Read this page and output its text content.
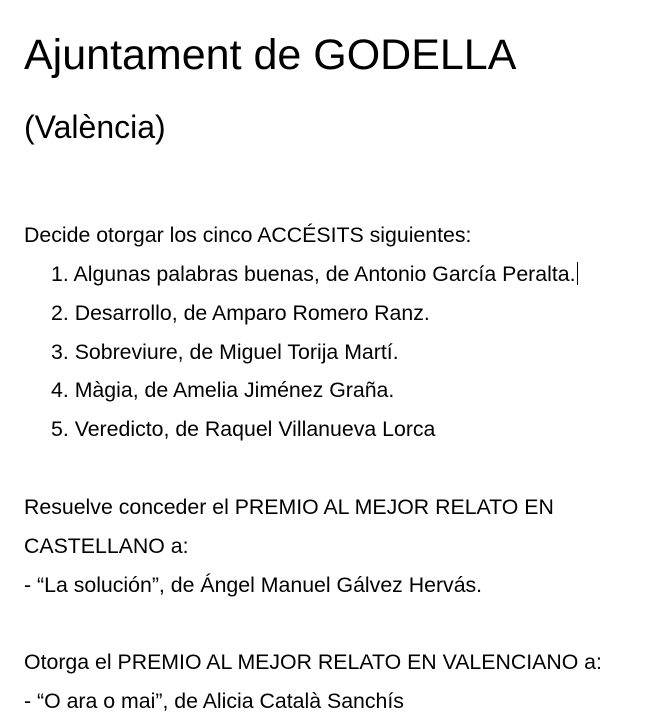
Ajuntament de GODELLA
(València)

Decide otorgar los cinco ACCÉSITS siguientes:

1. Algunas palabras buenas, de Antonio García Peralta.
2. Desarrollo, de Amparo Romero Ranz.
3. Sobreviure, de Miguel Torija Martí.
4. Màgia, de Amelia Jiménez Graña.
5. Veredicto, de Raquel Villanueva Lorca

Resuelve conceder el PREMIO AL MEJOR RELATO EN

CASTELLANO a:

- “La solución”, de Ángel Manuel Gálvez Hervás.

Otorga el PREMIO AL MEJOR RELATO EN VALENCIANO a:

- “O ara o mai”, de Alicia Català Sanchís
